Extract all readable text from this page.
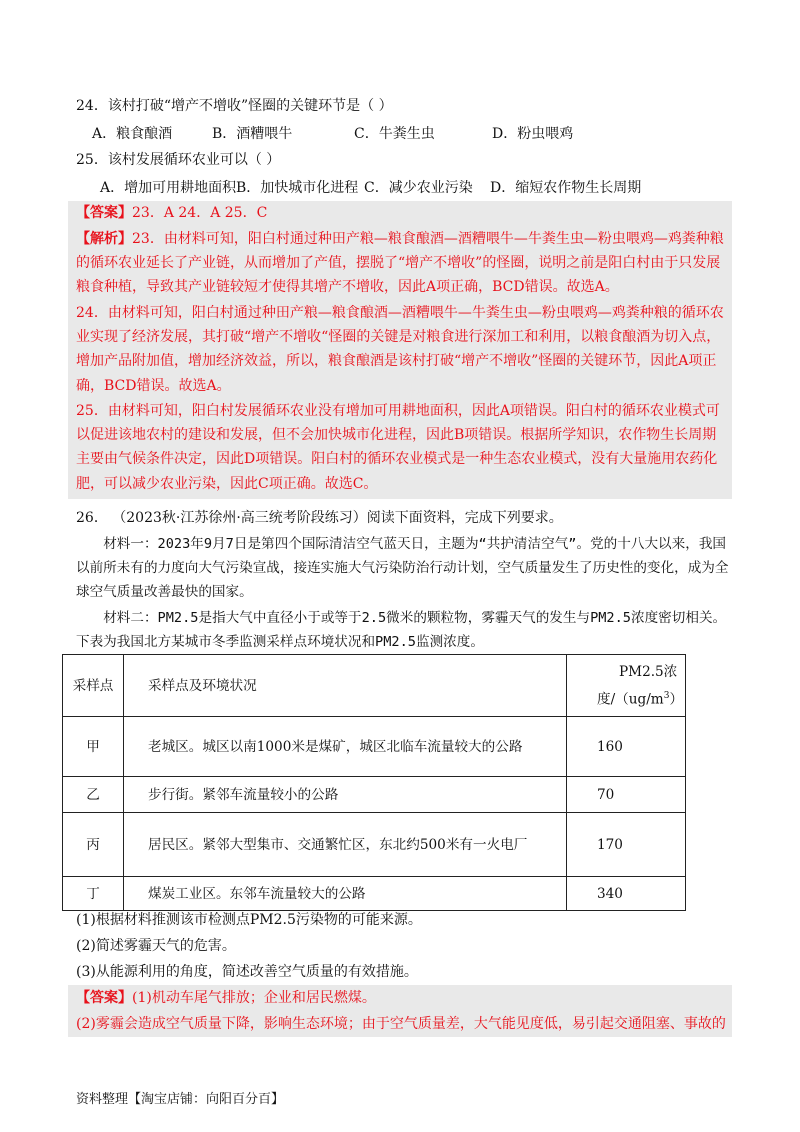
24．该村打破“增产不增收”怪圈的关键环节是（ ）
A．粮食酿酒	B．酒糟喂牛	C．牛粪生虫	D．粉虫喂鸡
25．该村发展循环农业可以（ ）
A．增加可用耕地面积 B．加快城市化进程 C．减少农业污染 D．缩短农作物生长周期
【答案】23．A 24．A 25．C
【解析】23．由材料可知，阳白村通过种田产粮—粮食酿酒—酒糟喂牛—牛粪生虫—粉虫喂鸡—鸡粪种粮的循环农业延长了产业链，从而增加了产值，摆脱了“增产不增收”的怪圈，说明之前是阳白村由于只发展粮食种植，导致其产业链较短才使得其增产不增收，因此A项正确，BCD错误。故选A。
24．由材料可知，阳白村通过种田产粮—粮食酿酒—酒糟喂牛—牛粪生虫—粉虫喂鸡—鸡粪种粮的循环农业实现了经济发展，其打破“增产不增收“怪圈的关键是对粮食进行深加工和利用，以粮食酿酒为切入点，增加产品附加值，增加经济效益，所以，粮食酿酒是该村打破“增产不增收”怪圈的关键环节，因此A项正确，BCD错误。故选A。
25．由材料可知，阳白村发展循环农业没有增加可用耕地面积，因此A项错误。阳白村的循环农业模式可以促进该地农村的建设和发展，但不会加快城市化进程，因此B项错误。根据所学知识，农作物生长周期主要由气候条件决定，因此D项错误。阳白村的循环农业模式是一种生态农业模式，没有大量施用农药化肥，可以减少农业污染，因此C项正确。故选C。
26． （2023秋·江苏徐州·高三统考阶段练习）阅读下面资料，完成下列要求。
材料一：2023年9月7日是第四个国际清洁空气蓝天日，主题为“共护清洁空气”。党的十八大以来，我国以前所未有的力度向大气污染宣战，接连实施大气污染防治行动计划，空气质量发生了历史性的变化，成为全球空气质量改善最快的国家。
材料二：PM2.5是指大气中直径小于或等于2.5微米的颗粒物，雾霾天气的发生与PM2.5浓度密切相关。下表为我国北方某城市冬季监测采样点环境状况和PM2.5监测浓度。
采样点	采样点及环境状况	PM2.5浓
度$/(ug/m^3)$

甲	老城区。城区以南1000米是煤矿，城区北临车流量较大的公路	160
乙	步行街。紧邻车流量较小的公路	70
丙	居民区。紧邻大型集市、交通繁忙区，东北约500米有一火电厂	170
丁	煤炭工业区。东邻车流量较大的公路	340
(1)根据材料推测该市检测点PM2.5污染物的可能来源。
(2)简述雾霾天气的危害。
(3)从能源利用的角度，简述改善空气质量的有效措施。
【答案】(1)机动车尾气排放；企业和居民燃煤。
(2)雾霾会造成空气质量下降，影响生态环境；由于空气质量差，大气能见度低，易引起交通阻塞、事故的
资料整理【淘宝店铺：向阳百分百】
